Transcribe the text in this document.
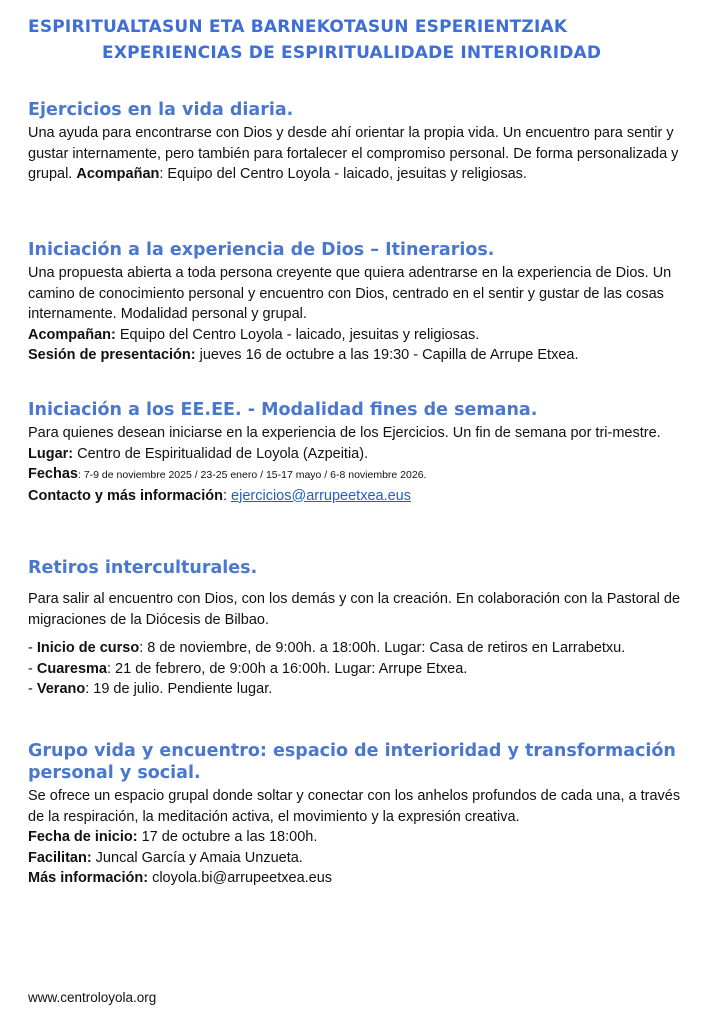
ESPIRITUALTASUN ETA BARNEKOTASUN ESPERIENTZIAK
EXPERIENCIAS DE ESPIRITUALIDADE INTERIORIDAD
Ejercicios en la vida diaria.

Una ayuda para encontrarse con Dios y desde ahí orientar la propia vida. Un encuentro para sentir y gustar internamente, pero también para fortalecer el compromiso personal. De forma personalizada y grupal. Acompañan: Equipo del Centro Loyola - laicado, jesuitas y religiosas.

Iniciación a la experiencia de Dios – Itinerarios.

Una propuesta abierta a toda persona creyente que quiera adentrarse en la experiencia de Dios. Un camino de conocimiento personal y encuentro con Dios, centrado en el sentir y gustar de las cosas internamente. Modalidad personal y grupal.

Acompañan: Equipo del Centro Loyola - laicado, jesuitas y religiosas.

Sesión de presentación: jueves 16 de octubre a las 19:30 - Capilla de Arrupe Etxea.

Iniciación a los EE.EE. - Modalidad fines de semana.

Para quienes desean iniciarse en la experiencia de los Ejercicios. Un fin de semana por tri-mestre.

Lugar: Centro de Espiritualidad de Loyola (Azpeitia).

Fechas: 7-9 de noviembre 2025 / 23-25 enero / 15-17 mayo / 6-8 noviembre 2026.

Contacto y más información: ejercicios@arrupeetxea.eus

Retiros interculturales.

Para salir al encuentro con Dios, con los demás y con la creación. En colaboración con la Pastoral de migraciones de la Diócesis de Bilbao.

- Inicio de curso: 8 de noviembre, de 9:00h. a 18:00h. Lugar: Casa de retiros en Larrabetxu.

- Cuaresma: 21 de febrero, de 9:00h a 16:00h. Lugar: Arrupe Etxea.

- Verano: 19 de julio. Pendiente lugar.

Grupo vida y encuentro: espacio de interioridad y transformación personal y social.

Se ofrece un espacio grupal donde soltar y conectar con los anhelos profundos de cada una, a través de la respiración, la meditación activa, el movimiento y la expresión creativa.

Fecha de inicio: 17 de octubre a las 18:00h.

Facilitan: Juncal García y Amaia Unzueta.

Más información: cloyola.bi@arrupeetxea.eus

www.centroloyola.org
